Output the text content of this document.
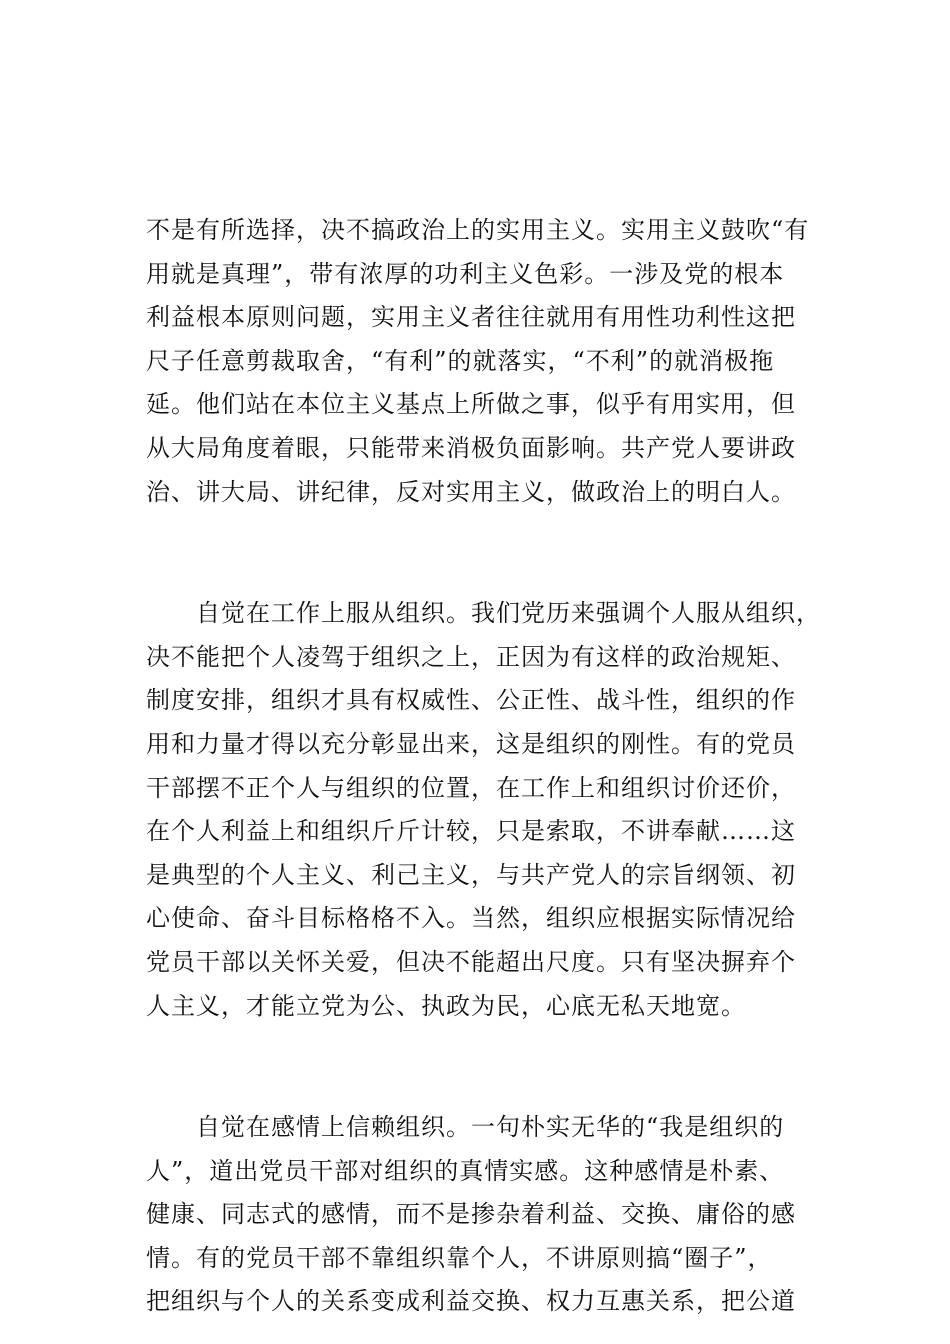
不是有所选择，决不搞政治上的实用主义。实用主义鼓吹“有
用就是真理”，带有浓厚的功利主义色彩。一涉及党的根本
利益根本原则问题，实用主义者往往就用有用性功利性这把
尺子任意剪裁取舍，“有利”的就落实，“不利”的就消极拖
延。他们站在本位主义基点上所做之事，似乎有用实用，但
从大局角度着眼，只能带来消极负面影响。共产党人要讲政
治、讲大局、讲纪律，反对实用主义，做政治上的明白人。
　　自觉在工作上服从组织。我们党历来强调个人服从组织，
决不能把个人凌驾于组织之上，正因为有这样的政治规矩、
制度安排，组织才具有权威性、公正性、战斗性，组织的作
用和力量才得以充分彰显出来，这是组织的刚性。有的党员
干部摆不正个人与组织的位置，在工作上和组织讨价还价，
在个人利益上和组织斤斤计较，只是索取，不讲奉献……这
是典型的个人主义、利己主义，与共产党人的宗旨纲领、初
心使命、奋斗目标格格不入。当然，组织应根据实际情况给
党员干部以关怀关爱，但决不能超出尺度。只有坚决摒弃个
人主义，才能立党为公、执政为民，心底无私天地宽。
　　自觉在感情上信赖组织。一句朴实无华的“我是组织的
人”，道出党员干部对组织的真情实感。这种感情是朴素、
健康、同志式的感情，而不是掺杂着利益、交换、庸俗的感
情。有的党员干部不靠组织靠个人，不讲原则搞“圈子”，
把组织与个人的关系变成利益交换、权力互惠关系，把公道
